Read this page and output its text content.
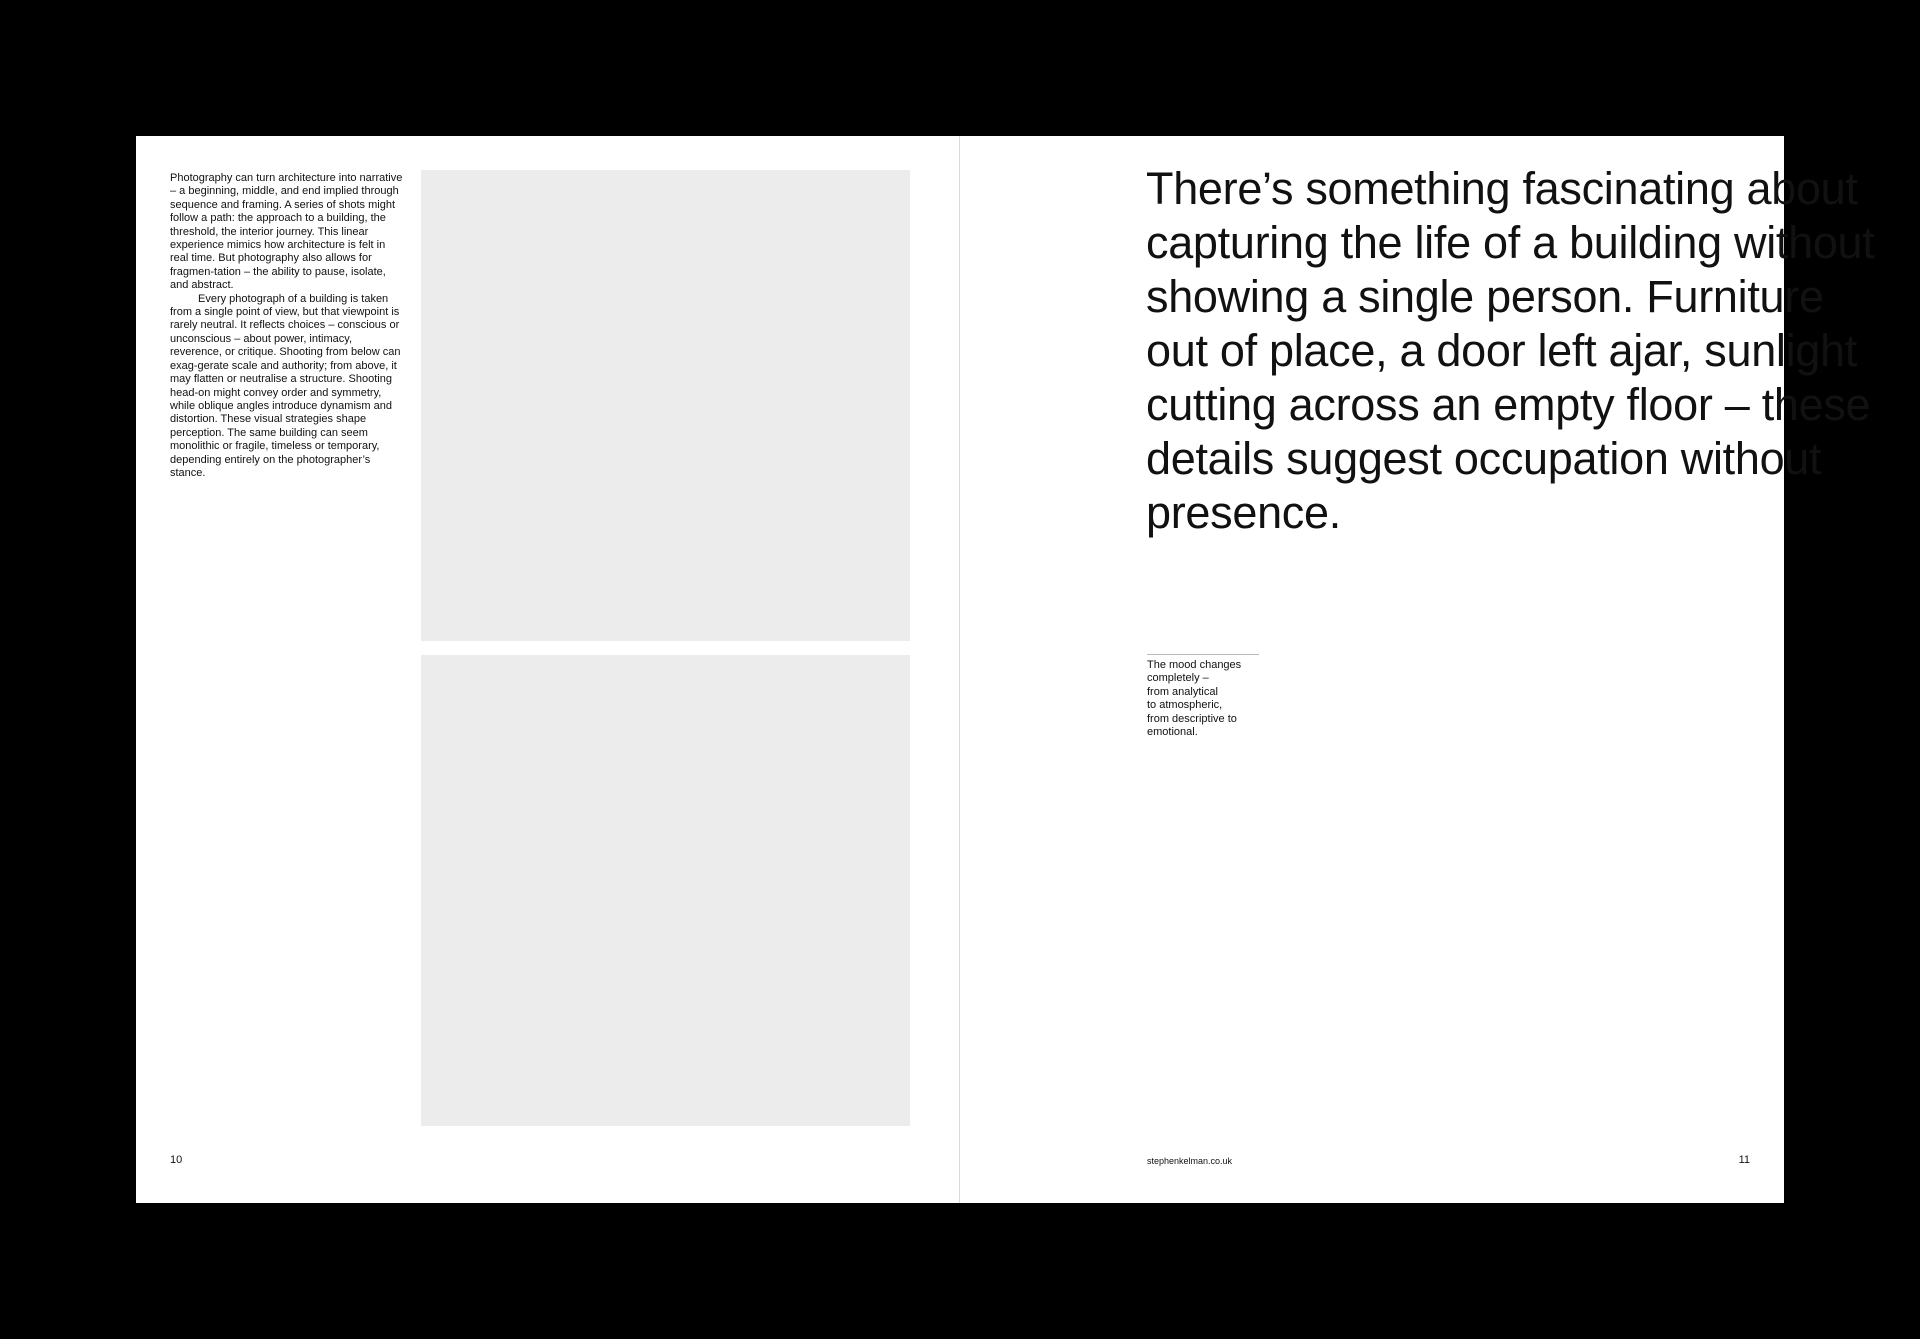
Photography can turn architecture into narrative – a beginning, middle, and end implied through sequence and framing. A series of shots might follow a path: the approach to a building, the threshold, the interior journey. This linear experience mimics how architecture is felt in real time. But photography also allows for fragmen-tation – the ability to pause, isolate, and abstract.

Every photograph of a building is taken from a single point of view, but that viewpoint is rarely neutral. It reflects choices – conscious or unconscious – about power, intimacy, reverence, or critique. Shooting from below can exag-gerate scale and authority; from above, it may flatten or neutralise a structure. Shooting head-on might convey order and symmetry, while oblique angles introduce dynamism and distortion. These visual strategies shape perception. The same building can seem monolithic or fragile, timeless or temporary, depending entirely on the photographer’s stance.

10
There’s something fascinating about capturing the life of a building without showing a single person. Furniture out of place, a door left ajar, sunlight cutting across an empty floor – these details suggest occupation without presence.

The mood changes
completely –
from analytical
to atmospheric,
from descriptive to
emotional.

stephenkelman.co.uk	11
